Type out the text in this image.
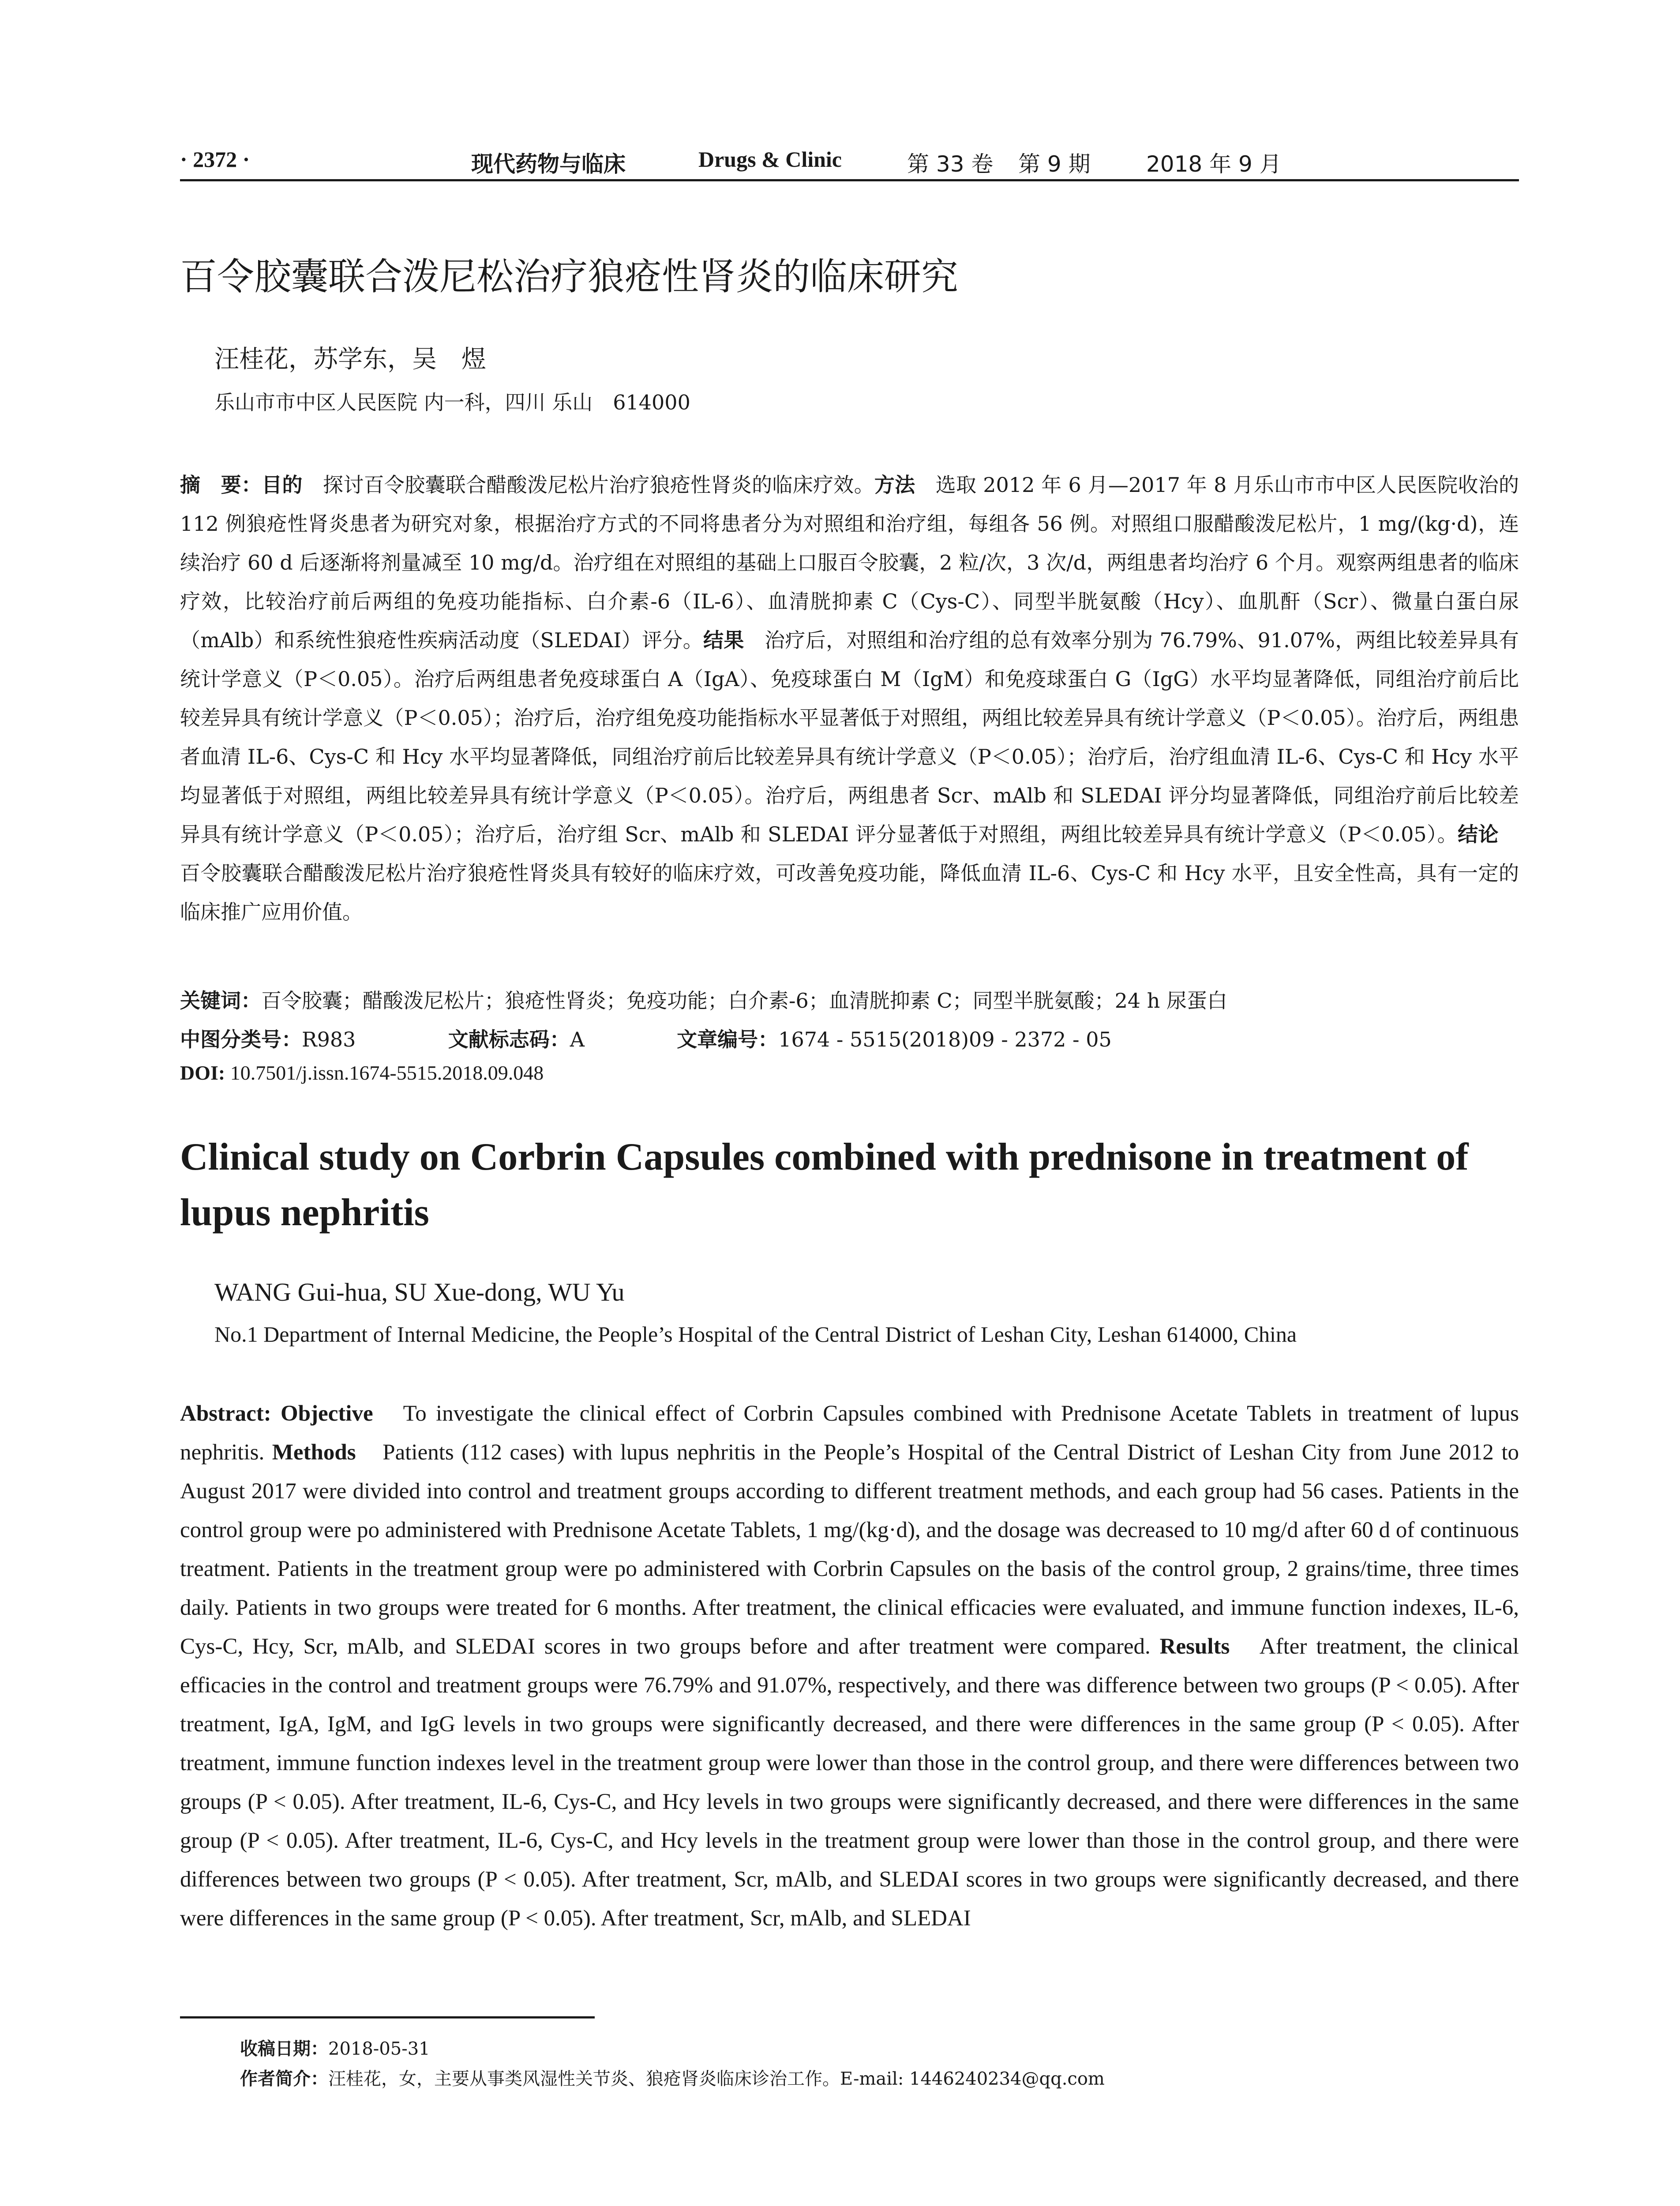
· 2372 ·	现代药物与临床	Drugs & Clinic	第 33 卷 第 9 期	2018 年 9 月
百令胶囊联合泼尼松治疗狼疮性肾炎的临床研究
汪桂花，苏学东，吴　煜
乐山市市中区人民医院 内一科，四川 乐山　614000
摘　要：目的　探讨百令胶囊联合醋酸泼尼松片治疗狼疮性肾炎的临床疗效。方法　选取 2012 年 6 月—2017 年 8 月乐山市市中区人民医院收治的 112 例狼疮性肾炎患者为研究对象，根据治疗方式的不同将患者分为对照组和治疗组，每组各 56 例。对照组口服醋酸泼尼松片，1 mg/(kg·d)，连续治疗 60 d 后逐渐将剂量减至 10 mg/d。治疗组在对照组的基础上口服百令胶囊，2 粒/次，3 次/d，两组患者均治疗 6 个月。观察两组患者的临床疗效，比较治疗前后两组的免疫功能指标、白介素-6（IL-6）、血清胱抑素 C（Cys-C）、同型半胱氨酸（Hcy）、血肌酐（Scr）、微量白蛋白尿（mAlb）和系统性狼疮性疾病活动度（SLEDAI）评分。结果　治疗后，对照组和治疗组的总有效率分别为 76.79%、91.07%，两组比较差异具有统计学意义（P＜0.05）。治疗后两组患者免疫球蛋白 A（IgA）、免疫球蛋白 M（IgM）和免疫球蛋白 G（IgG）水平均显著降低，同组治疗前后比较差异具有统计学意义（P＜0.05）；治疗后，治疗组免疫功能指标水平显著低于对照组，两组比较差异具有统计学意义（P＜0.05）。治疗后，两组患者血清 IL-6、Cys-C 和 Hcy 水平均显著降低，同组治疗前后比较差异具有统计学意义（P＜0.05）；治疗后，治疗组血清 IL-6、Cys-C 和 Hcy 水平均显著低于对照组，两组比较差异具有统计学意义（P＜0.05）。治疗后，两组患者 Scr、mAlb 和 SLEDAI 评分均显著降低，同组治疗前后比较差异具有统计学意义（P＜0.05）；治疗后，治疗组 Scr、mAlb 和 SLEDAI 评分显著低于对照组，两组比较差异具有统计学意义（P＜0.05）。结论　百令胶囊联合醋酸泼尼松片治疗狼疮性肾炎具有较好的临床疗效，可改善免疫功能，降低血清 IL-6、Cys-C 和 Hcy 水平，且安全性高，具有一定的临床推广应用价值。
关键词：百令胶囊；醋酸泼尼松片；狼疮性肾炎；免疫功能；白介素-6；血清胱抑素 C；同型半胱氨酸；24 h 尿蛋白
中图分类号：R983	文献标志码：A	文章编号：1674 - 5515(2018)09 - 2372 - 05
DOI: 10.7501/j.issn.1674-5515.2018.09.048
Clinical study on Corbrin Capsules combined with prednisone in treatment of lupus nephritis
WANG Gui-hua, SU Xue-dong, WU Yu
No.1 Department of Internal Medicine, the People’s Hospital of the Central District of Leshan City, Leshan 614000, China
Abstract: Objective　To investigate the clinical effect of Corbrin Capsules combined with Prednisone Acetate Tablets in treatment of lupus nephritis. Methods　Patients (112 cases) with lupus nephritis in the People’s Hospital of the Central District of Leshan City from June 2012 to August 2017 were divided into control and treatment groups according to different treatment methods, and each group had 56 cases. Patients in the control group were po administered with Prednisone Acetate Tablets, 1 mg/(kg·d), and the dosage was decreased to 10 mg/d after 60 d of continuous treatment. Patients in the treatment group were po administered with Corbrin Capsules on the basis of the control group, 2 grains/time, three times daily. Patients in two groups were treated for 6 months. After treatment, the clinical efficacies were evaluated, and immune function indexes, IL-6, Cys-C, Hcy, Scr, mAlb, and SLEDAI scores in two groups before and after treatment were compared. Results　After treatment, the clinical efficacies in the control and treatment groups were 76.79% and 91.07%, respectively, and there was difference between two groups (P < 0.05). After treatment, IgA, IgM, and IgG levels in two groups were significantly decreased, and there were differences in the same group (P < 0.05). After treatment, immune function indexes level in the treatment group were lower than those in the control group, and there were differences between two groups (P < 0.05). After treatment, IL-6, Cys-C, and Hcy levels in two groups were significantly decreased, and there were differences in the same group (P < 0.05). After treatment, IL-6, Cys-C, and Hcy levels in the treatment group were lower than those in the control group, and there were differences between two groups (P < 0.05). After treatment, Scr, mAlb, and SLEDAI scores in two groups were significantly decreased, and there were differences in the same group (P < 0.05). After treatment, Scr, mAlb, and SLEDAI
收稿日期：2018-05-31
作者简介：汪桂花，女，主要从事类风湿性关节炎、狼疮肾炎临床诊治工作。E-mail: 1446240234@qq.com
